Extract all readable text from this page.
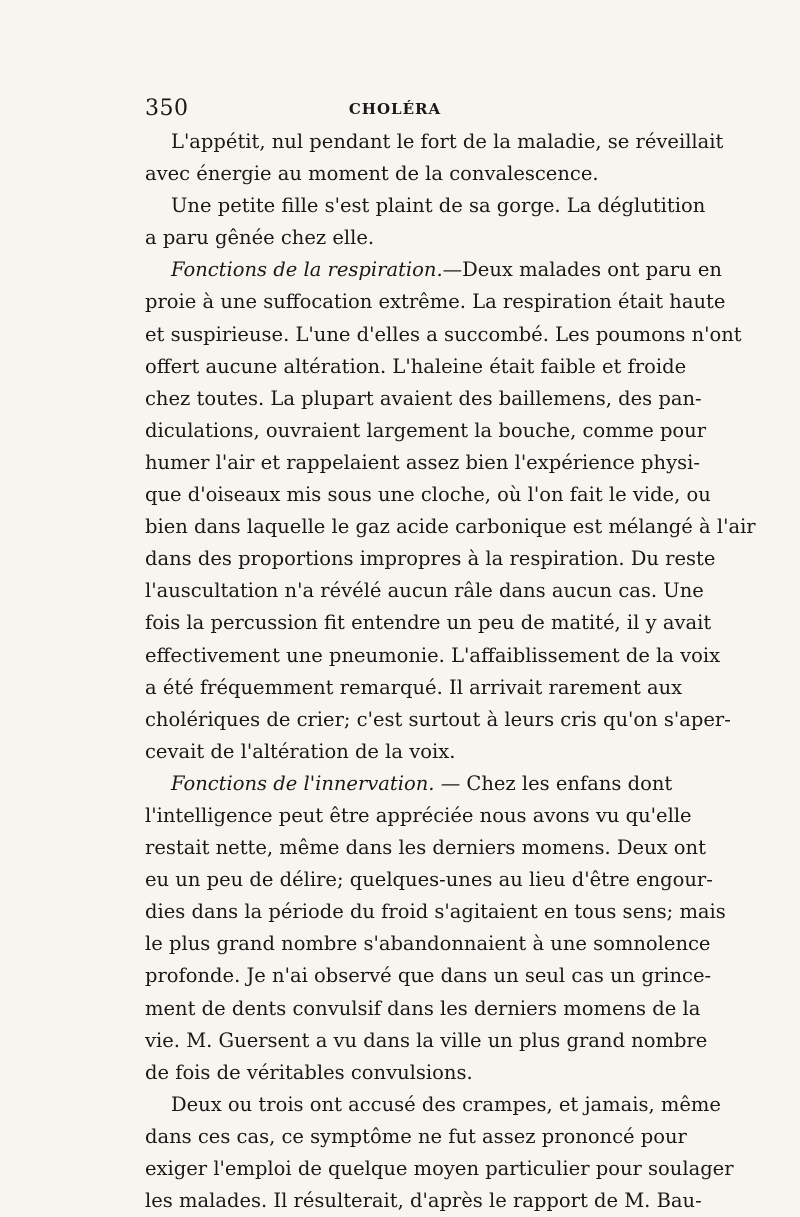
350	CHOLÉRA
L'appétit, nul pendant le fort de la maladie, se réveillait
avec énergie au moment de la convalescence.
Une petite fille s'est plaint de sa gorge. La déglutition
a paru gênée chez elle.
Fonctions de la respiration.—Deux malades ont paru en
proie à une suffocation extrême. La respiration était haute
et suspirieuse. L'une d'elles a succombé. Les poumons n'ont
offert aucune altération. L'haleine était faible et froide
chez toutes. La plupart avaient des baillemens, des pan-
diculations, ouvraient largement la bouche, comme pour
humer l'air et rappelaient assez bien l'expérience physi-
que d'oiseaux mis sous une cloche, où l'on fait le vide, ou
bien dans laquelle le gaz acide carbonique est mélangé à l'air
dans des proportions impropres à la respiration. Du reste
l'auscultation n'a révélé aucun râle dans aucun cas. Une
fois la percussion fit entendre un peu de matité, il y avait
effectivement une pneumonie. L'affaiblissement de la voix
a été fréquemment remarqué. Il arrivait rarement aux
cholériques de crier; c'est surtout à leurs cris qu'on s'aper-
cevait de l'altération de la voix.
Fonctions de l'innervation. — Chez les enfans dont
l'intelligence peut être appréciée nous avons vu qu'elle
restait nette, même dans les derniers momens. Deux ont
eu un peu de délire; quelques-unes au lieu d'être engour-
dies dans la période du froid s'agitaient en tous sens; mais
le plus grand nombre s'abandonnaient à une somnolence
profonde. Je n'ai observé que dans un seul cas un grince-
ment de dents convulsif dans les derniers momens de la
vie. M. Guersent a vu dans la ville un plus grand nombre
de fois de véritables convulsions.
Deux ou trois ont accusé des crampes, et jamais, même
dans ces cas, ce symptôme ne fut assez prononcé pour
exiger l'emploi de quelque moyen particulier pour soulager
les malades. Il résulterait, d'après le rapport de M. Bau-
